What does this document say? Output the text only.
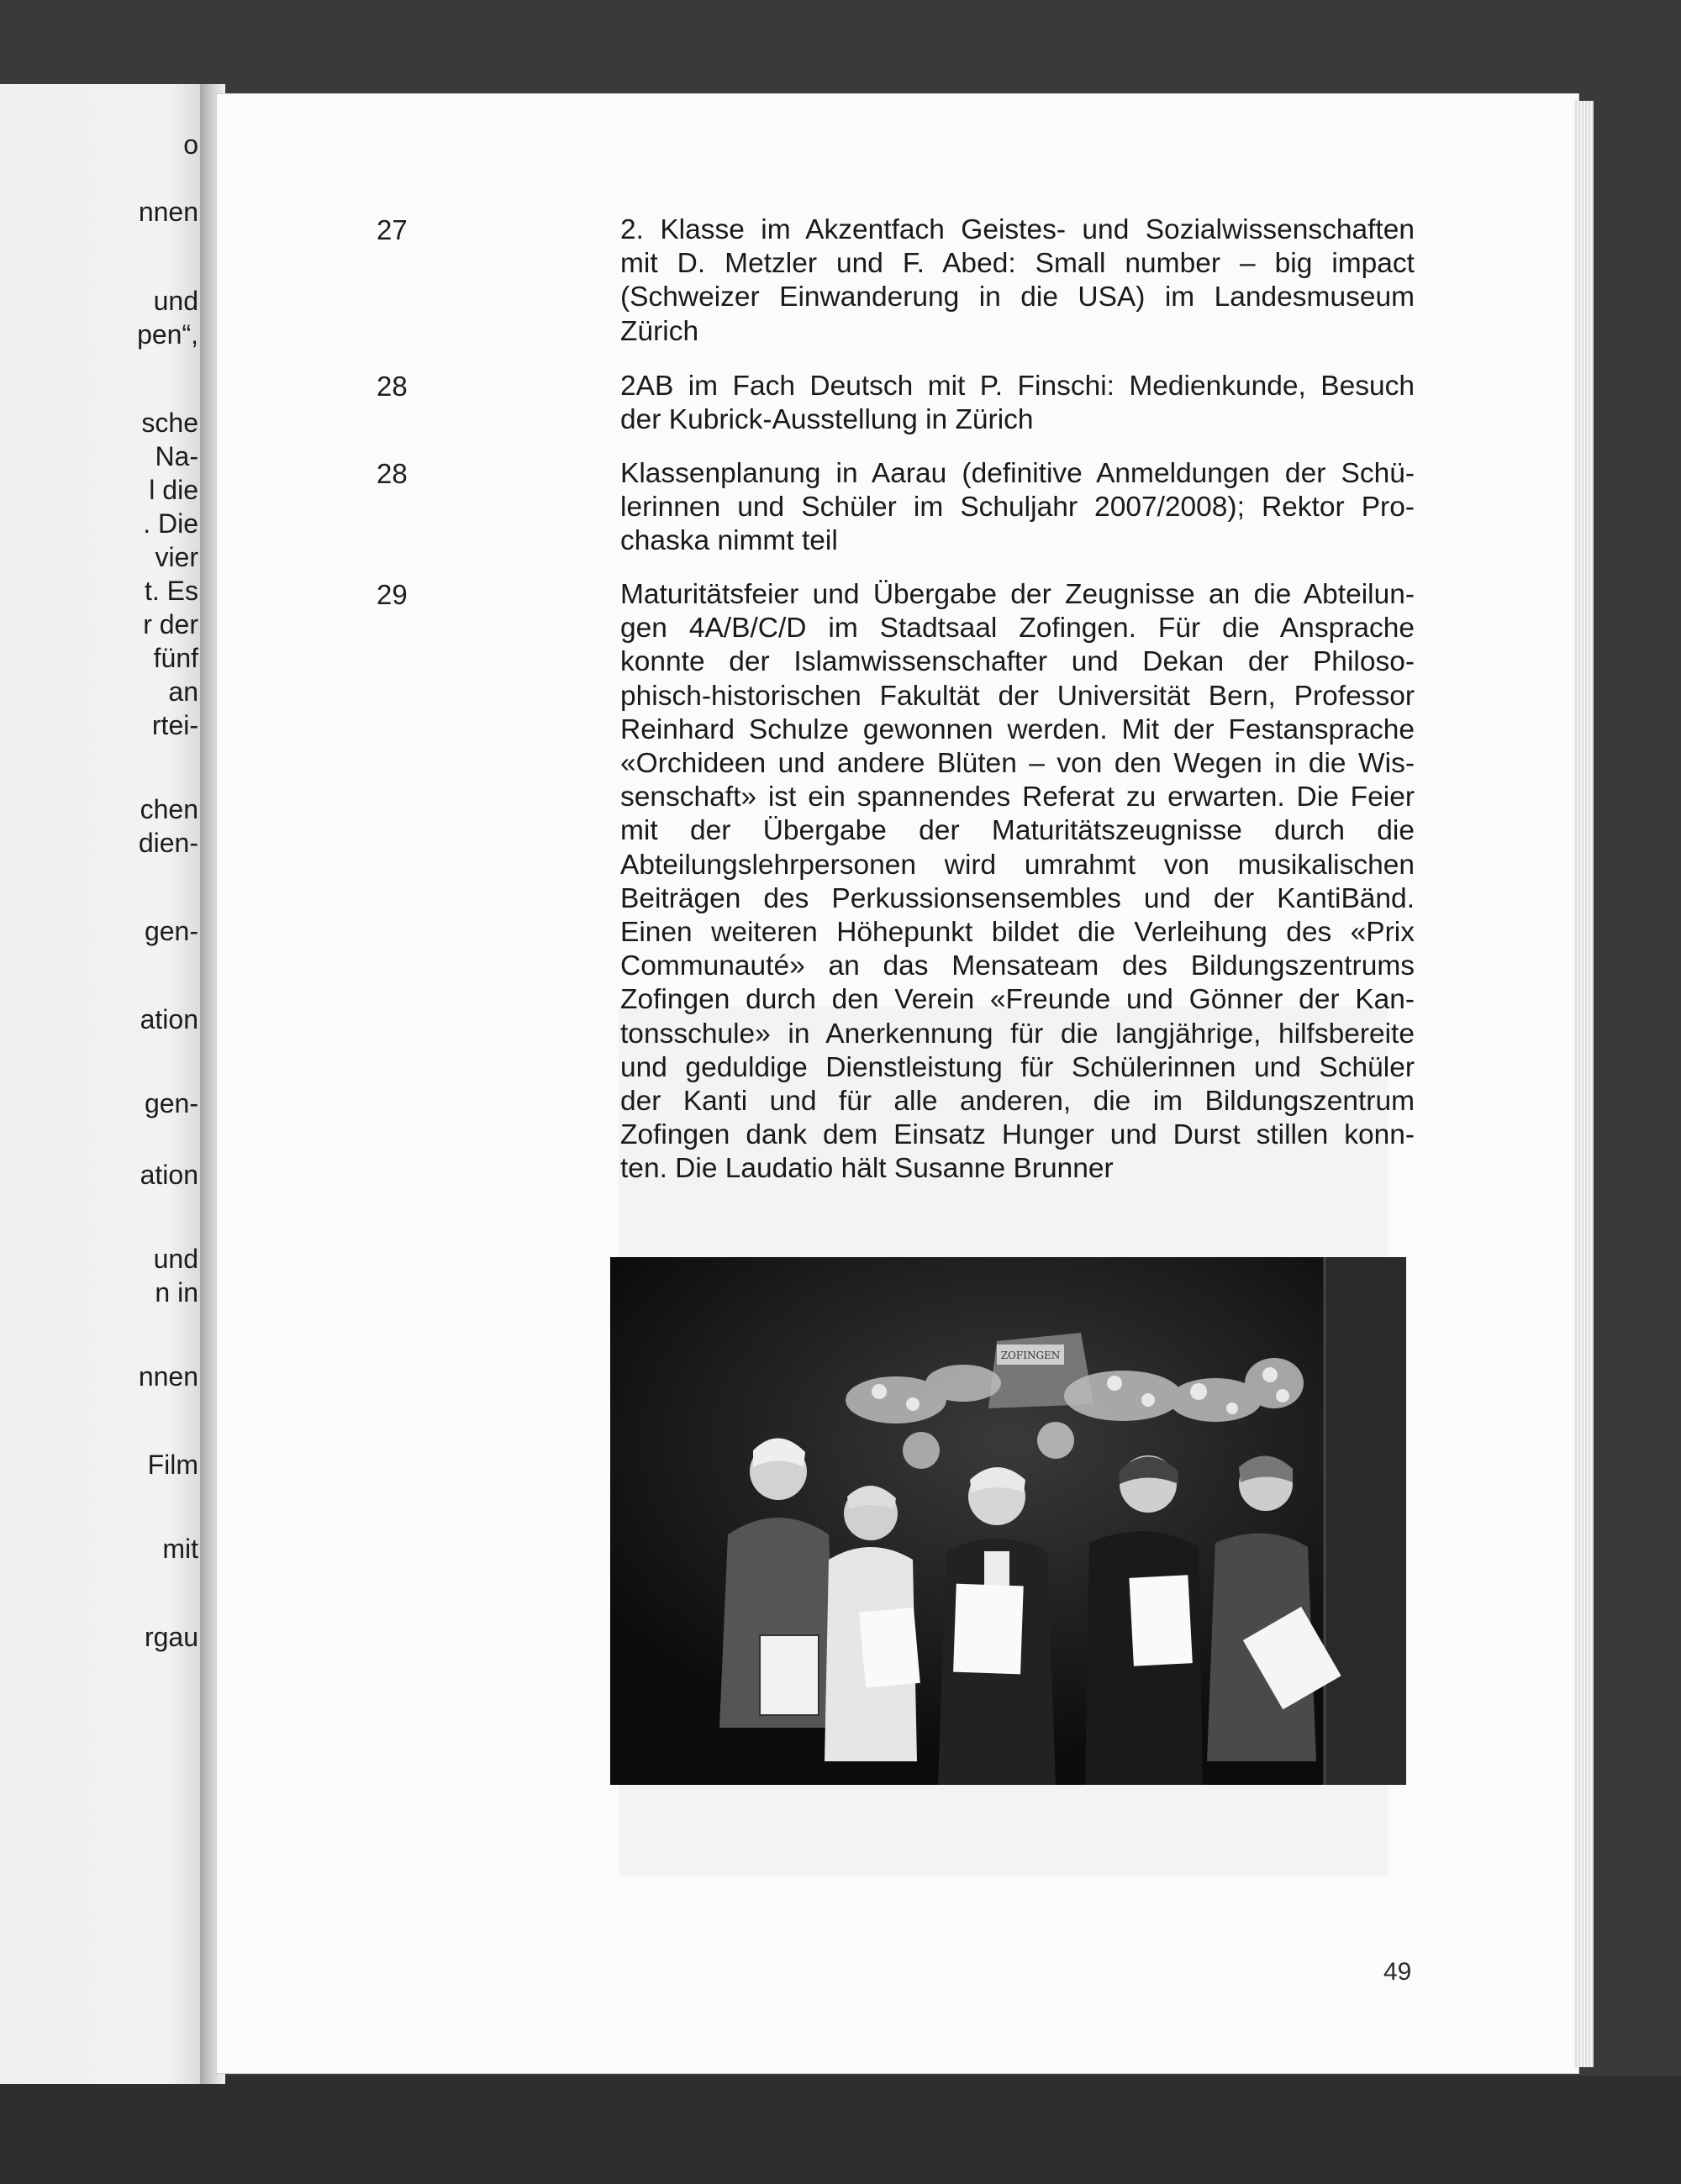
o
nnen
und
pen“,
sche
Na-
l die
. Die
vier
t. Es
r der
fünf
an
rtei-
chen
dien-
gen-
ation
gen-
ation
und
n in
nnen
Film
mit
rgau
27	2. Klasse im Akzentfach Geistes- und Sozialwissenschaften
mit D. Metzler und F. Abed: Small number – big impact
(Schweizer Einwanderung in die USA) im Landesmuseum
Zürich
28	2AB im Fach Deutsch mit P. Finschi: Medienkunde, Besuch
der Kubrick-Ausstellung in Zürich
28	Klassenplanung in Aarau (definitive Anmeldungen der Schü-
lerinnen und Schüler im Schuljahr 2007/2008); Rektor Pro-
chaska nimmt teil
29	Maturitätsfeier und Übergabe der Zeugnisse an die Abteilun-
gen 4A/B/C/D im Stadtsaal Zofingen. Für die Ansprache
konnte der Islamwissenschafter und Dekan der Philoso-
phisch-historischen Fakultät der Universität Bern, Professor
Reinhard Schulze gewonnen werden. Mit der Festansprache
«Orchideen und andere Blüten – von den Wegen in die Wis-
senschaft» ist ein spannendes Referat zu erwarten. Die Feier
mit der Übergabe der Maturitätszeugnisse durch die
Abteilungslehrpersonen wird umrahmt von musikalischen
Beiträgen des Perkussionsensembles und der KantiBänd.
Einen weiteren Höhepunkt bildet die Verleihung des «Prix
Communauté» an das Mensateam des Bildungszentrums
Zofingen durch den Verein «Freunde und Gönner der Kan-
tonsschule» in Anerkennung für die langjährige, hilfsbereite
und geduldige Dienstleistung für Schülerinnen und Schüler
der Kanti und für alle anderen, die im Bildungszentrum
Zofingen dank dem Einsatz Hunger und Durst stillen konn-
ten. Die Laudatio hält Susanne Brunner
ZOFINGEN
49
